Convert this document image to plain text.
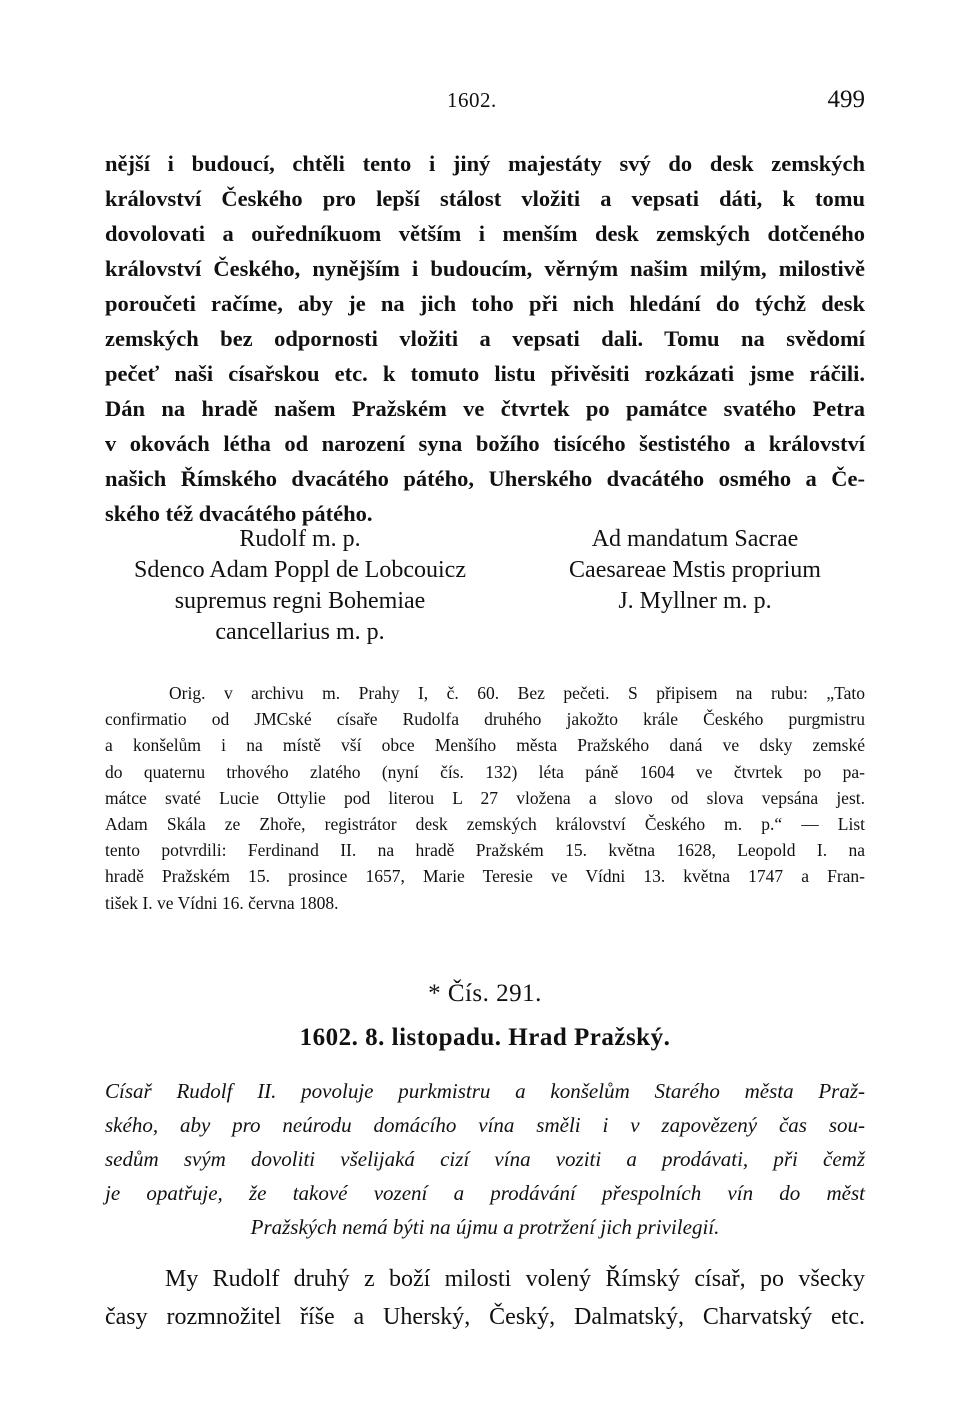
1602.	499
nější i budoucí, chtěli tento i jiný majestáty svý do desk zemských
království Českého pro lepší stálost vložiti a vepsati dáti, k tomu
dovolovati a ouředníkuom větším i menším desk zemských dotčeného
království Českého, nynějším i budoucím, věrným našim milým, milostivě
poroučeti račíme, aby je na jich toho při nich hledání do týchž desk
zemských bez odpornosti vložiti a vepsati dali. Tomu na svědomí
pečeť naši císařskou etc. k tomuto listu přivěsiti rozkázati jsme ráčili.
Dán na hradě našem Pražském ve čtvrtek po památce svatého Petra
v okovách létha od narození syna božího tisícého šestistého a království
našich Římského dvacátého pátého, Uherského dvacátého osmého a Če-
ského též dvacátého pátého.
Rudolf m. p.
Sdenco Adam Poppl de Lobcouicz
supremus regni Bohemiae
cancellarius m. p.
Ad mandatum Sacrae
Caesareae Mstis proprium
J. Myllner m. p.
Orig. v archivu m. Prahy I, č. 60. Bez pečeti. S připisem na rubu: „Tato
confirmatio od JMCské císaře Rudolfa druhého jakožto krále Českého purgmistru
a konšelům i na místě vší obce Menšího města Pražského daná ve dsky zemské
do quaternu trhového zlatého (nyní čís. 132) léta páně 1604 ve čtvrtek po pa-
mátce svaté Lucie Ottylie pod literou L 27 vložena a slovo od slova vepsána jest.
Adam Skála ze Zhoře, registrátor desk zemských království Českého m. p.“ — List
tento potvrdili: Ferdinand II. na hradě Pražském 15. května 1628, Leopold I. na
hradě Pražském 15. prosince 1657, Marie Teresie ve Vídni 13. května 1747 a Fran-
tišek I. ve Vídni 16. června 1808.
* Čís. 291.
1602. 8. listopadu. Hrad Pražský.
Císař Rudolf II. povoluje purkmistru a konšelům Starého města Praž-
ského, aby pro neúrodu domácího vína směli i v zapovězený čas sou-
sedům svým dovoliti všelijaká cizí vína voziti a prodávati, při čemž
je opatřuje, že takové vození a prodávání přespolních vín do měst
Pražských nemá býti na újmu a protržení jich privilegií.
My Rudolf druhý z boží milosti volený Římský císař, po všecky
časy rozmnožitel říše a Uherský, Český, Dalmatský, Charvatský etc.
